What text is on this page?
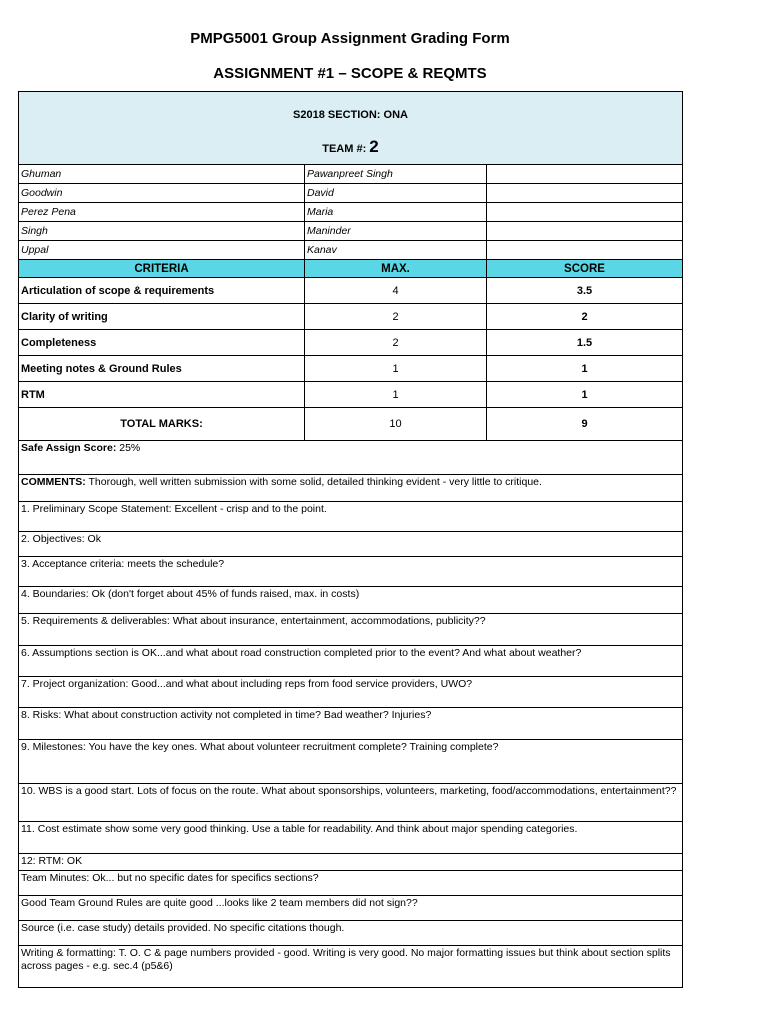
PMPG5001 Group Assignment Grading Form
ASSIGNMENT #1 – SCOPE & REQMTS
S2018 SECTION: ONA
TEAM #: 2		

Ghuman	Pawanpreet Singh	
Goodwin	David	
Perez Pena	Maria	
Singh	Maninder	
Uppal	Kanav	
CRITERIA	MAX.	SCORE
Articulation of scope & requirements	4	3.5
Clarity of writing	2	2
Completeness	2	1.5
Meeting notes & Ground Rules	1	1
RTM	1	1
TOTAL MARKS:	10	9
Safe Assign Score: 25%		
COMMENTS: Thorough, well written submission with some solid, detailed thinking evident - very little to critique.		
1. Preliminary Scope Statement: Excellent - crisp and to the point.		
2. Objectives: Ok		
3. Acceptance criteria: meets the schedule?		
4. Boundaries: Ok (don't forget about 45% of funds raised, max. in costs)		
5. Requirements & deliverables: What about insurance, entertainment, accommodations, publicity??		
6. Assumptions section is OK...and what about road construction completed prior to the event? And what about weather?		
7. Project organization: Good...and what about including reps from food service providers, UWO?		
8. Risks: What about construction activity not completed in time? Bad weather? Injuries?		
9. Milestones: You have the key ones. What about volunteer recruitment complete? Training complete?		
10. WBS is a good start. Lots of focus on the route. What about sponsorships, volunteers, marketing, food/accommodations, entertainment??		
11. Cost estimate show some very good thinking. Use a table for readability. And think about major spending categories.		
12: RTM: OK		
Team Minutes: Ok... but no specific dates for specifics sections?		
Good Team Ground Rules are quite good ...looks like 2 team members did not sign??		
Source (i.e. case study) details provided. No specific citations though.		
Writing & formatting: T. O. C & page numbers provided - good. Writing is very good. No major formatting issues but think about section splits across pages - e.g. sec.4 (p5&6)		
